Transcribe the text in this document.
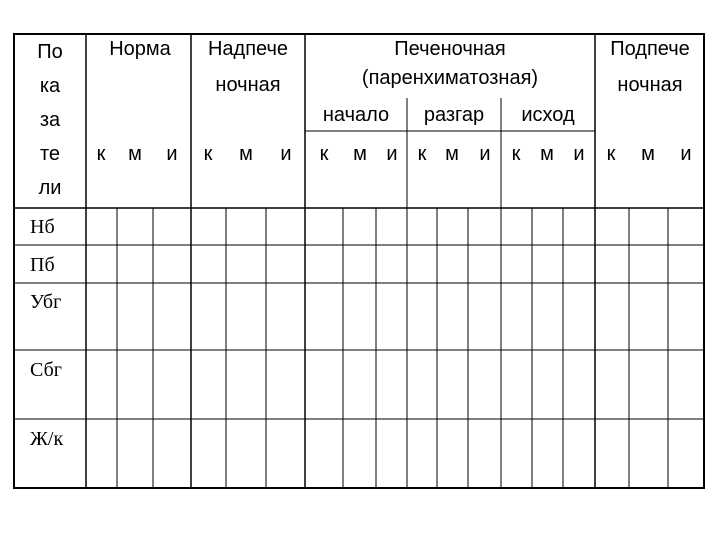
По
ка
за
те
ли
Норма Надпече
ночная
Печеночная
(паренхиматозная)
начало разгар исход
Подпече
ночная
к м и к м и к м и к м и к м и к м и
Нб
Пб
Убг
Сбг
Ж/к
